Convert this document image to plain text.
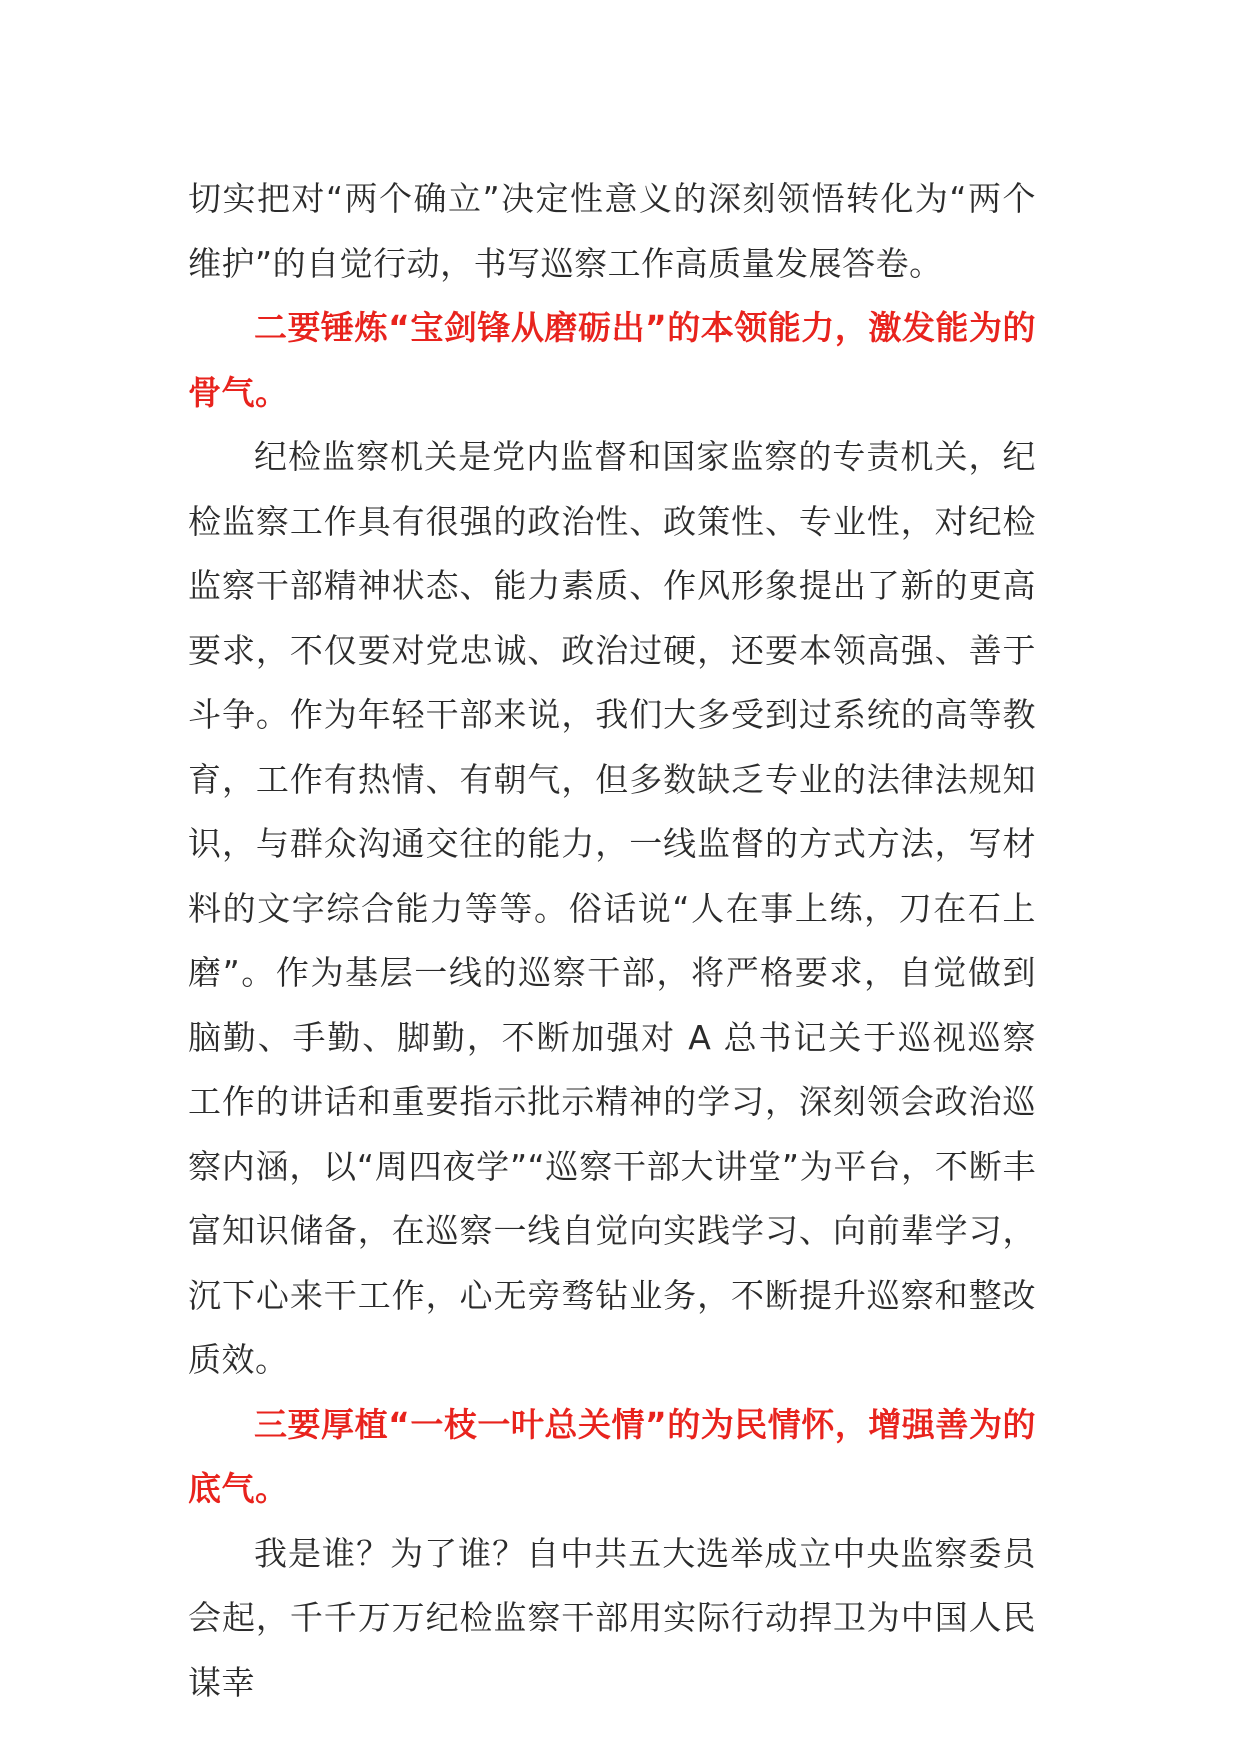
切实把对“两个确立”决定性意义的深刻领悟转化为“两个维护”的自觉行动，书写巡察工作高质量发展答卷。

二要锤炼“宝剑锋从磨砺出”的本领能力，激发能为的骨气。

纪检监察机关是党内监督和国家监察的专责机关，纪检监察工作具有很强的政治性、政策性、专业性，对纪检监察干部精神状态、能力素质、作风形象提出了新的更高要求，不仅要对党忠诚、政治过硬，还要本领高强、善于斗争。作为年轻干部来说，我们大多受到过系统的高等教育，工作有热情、有朝气，但多数缺乏专业的法律法规知识，与群众沟通交往的能力，一线监督的方式方法，写材料的文字综合能力等等。俗话说“人在事上练，刀在石上磨”。作为基层一线的巡察干部，将严格要求，自觉做到脑勤、手勤、脚勤，不断加强对 A 总书记关于巡视巡察工作的讲话和重要指示批示精神的学习，深刻领会政治巡察内涵，以“周四夜学”“巡察干部大讲堂”为平台，不断丰富知识储备，在巡察一线自觉向实践学习、向前辈学习，沉下心来干工作，心无旁骛钻业务，不断提升巡察和整改质效。

三要厚植“一枝一叶总关情”的为民情怀，增强善为的底气。

我是谁？为了谁？自中共五大选举成立中央监察委员会起，千千万万纪检监察干部用实际行动捍卫为中国人民谋幸
